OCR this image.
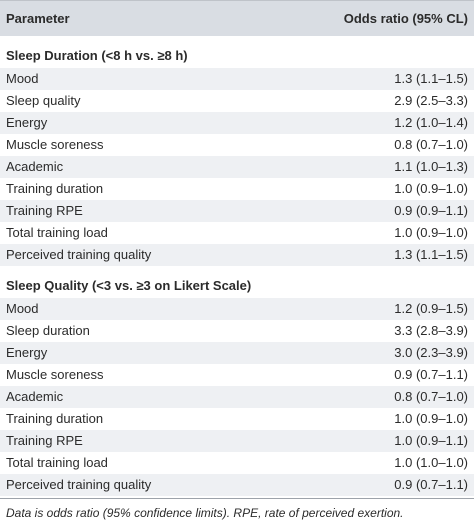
Parameter	Odds ratio (95% CL)
Sleep Duration (<8 h vs. ≥8 h)
Mood	1.3 (1.1–1.5)
Sleep quality	2.9 (2.5–3.3)
Energy	1.2 (1.0–1.4)
Muscle soreness	0.8 (0.7–1.0)
Academic	1.1 (1.0–1.3)
Training duration	1.0 (0.9–1.0)
Training RPE	0.9 (0.9–1.1)
Total training load	1.0 (0.9–1.0)
Perceived training quality	1.3 (1.1–1.5)
Sleep Quality (<3 vs. ≥3 on Likert Scale)
Mood	1.2 (0.9–1.5)
Sleep duration	3.3 (2.8–3.9)
Energy	3.0 (2.3–3.9)
Muscle soreness	0.9 (0.7–1.1)
Academic	0.8 (0.7–1.0)
Training duration	1.0 (0.9–1.0)
Training RPE	1.0 (0.9–1.1)
Total training load	1.0 (1.0–1.0)
Perceived training quality	0.9 (0.7–1.1)
Data is odds ratio (95% confidence limits). RPE, rate of perceived exertion.
